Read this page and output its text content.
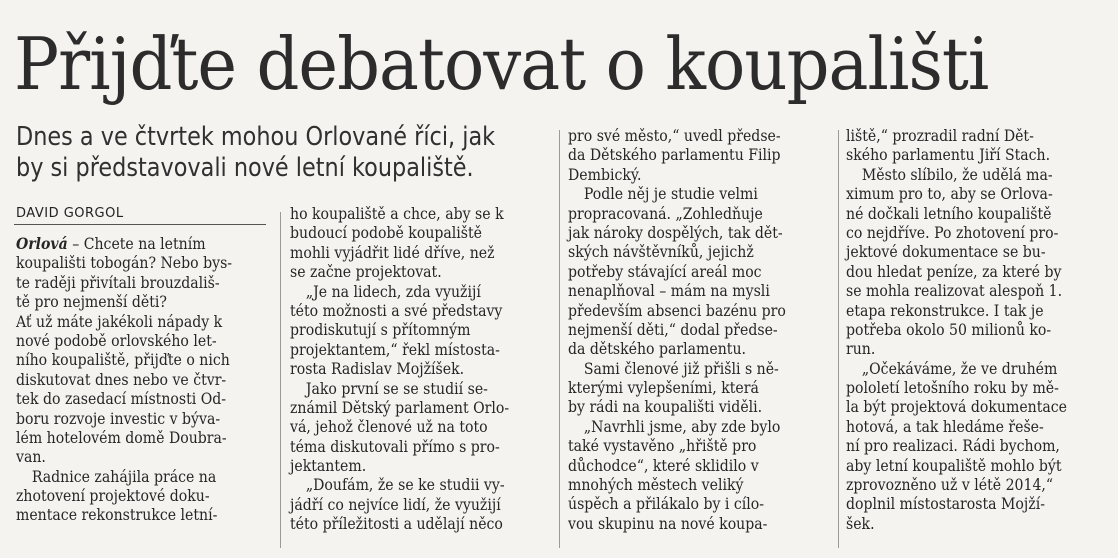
Přijďte debatovat o koupališti
Dnes a ve čtvrtek mohou Orlované říci, jak
by si představovali nové letní koupaliště.
DAVID GORGOL
Orlová – Chcete na letním
koupališti tobogán? Nebo bys-
te raději přivítali brouzdališ-
tě pro nejmenší děti?
Ať už máte jakékoli nápady k
nové podobě orlovského let-
ního koupaliště, přijďte o nich
diskutovat dnes nebo ve čtvr-
tek do zasedací místnosti Od-
boru rozvoje investic v býva-
lém hotelovém domě Doubra-
van.
Radnice zahájila práce na
zhotovení projektové doku-
mentace rekonstrukce letní-
ho koupaliště a chce, aby se k
budoucí podobě koupaliště
mohli vyjádřit lidé dříve, než
se začne projektovat.
„Je na lidech, zda využijí
této možnosti a své představy
prodiskutují s přítomným
projektantem,“ řekl místosta-
rosta Radislav Mojžíšek.
Jako první se se studií se-
známil Dětský parlament Orlo-
vá, jehož členové už na toto
téma diskutovali přímo s pro-
jektantem.
„Doufám, že se ke studii vy-
jádří co nejvíce lidí, že využijí
této příležitosti a udělají něco
pro své město,“ uvedl předse-
da Dětského parlamentu Filip
Dembický.
Podle něj je studie velmi
propracovaná. „Zohledňuje
jak nároky dospělých, tak dět-
ských návštěvníků, jejichž
potřeby stávající areál moc
nenaplňoval – mám na mysli
především absenci bazénu pro
nejmenší děti,“ dodal předse-
da dětského parlamentu.
Sami členové již přišli s ně-
kterými vylepšeními, která
by rádi na koupališti viděli.
„Navrhli jsme, aby zde bylo
také vystavěno „hřiště pro
důchodce“, které sklidilo v
mnohých městech veliký
úspěch a přilákalo by i cílo-
vou skupinu na nové koupa-
liště,“ prozradil radní Dět-
ského parlamentu Jiří Stach.
Město slíbilo, že udělá ma-
ximum pro to, aby se Orlova-
né dočkali letního koupaliště
co nejdříve. Po zhotovení pro-
jektové dokumentace se bu-
dou hledat peníze, za které by
se mohla realizovat alespoň 1.
etapa rekonstrukce. I tak je
potřeba okolo 50 milionů ko-
run.
„Očekáváme, že ve druhém
pololetí letošního roku by mě-
la být projektová dokumentace
hotová, a tak hledáme řeše-
ní pro realizaci. Rádi bychom,
aby letní koupaliště mohlo být
zprovozněno už v létě 2014,“
doplnil místostarosta Mojží-
šek.
